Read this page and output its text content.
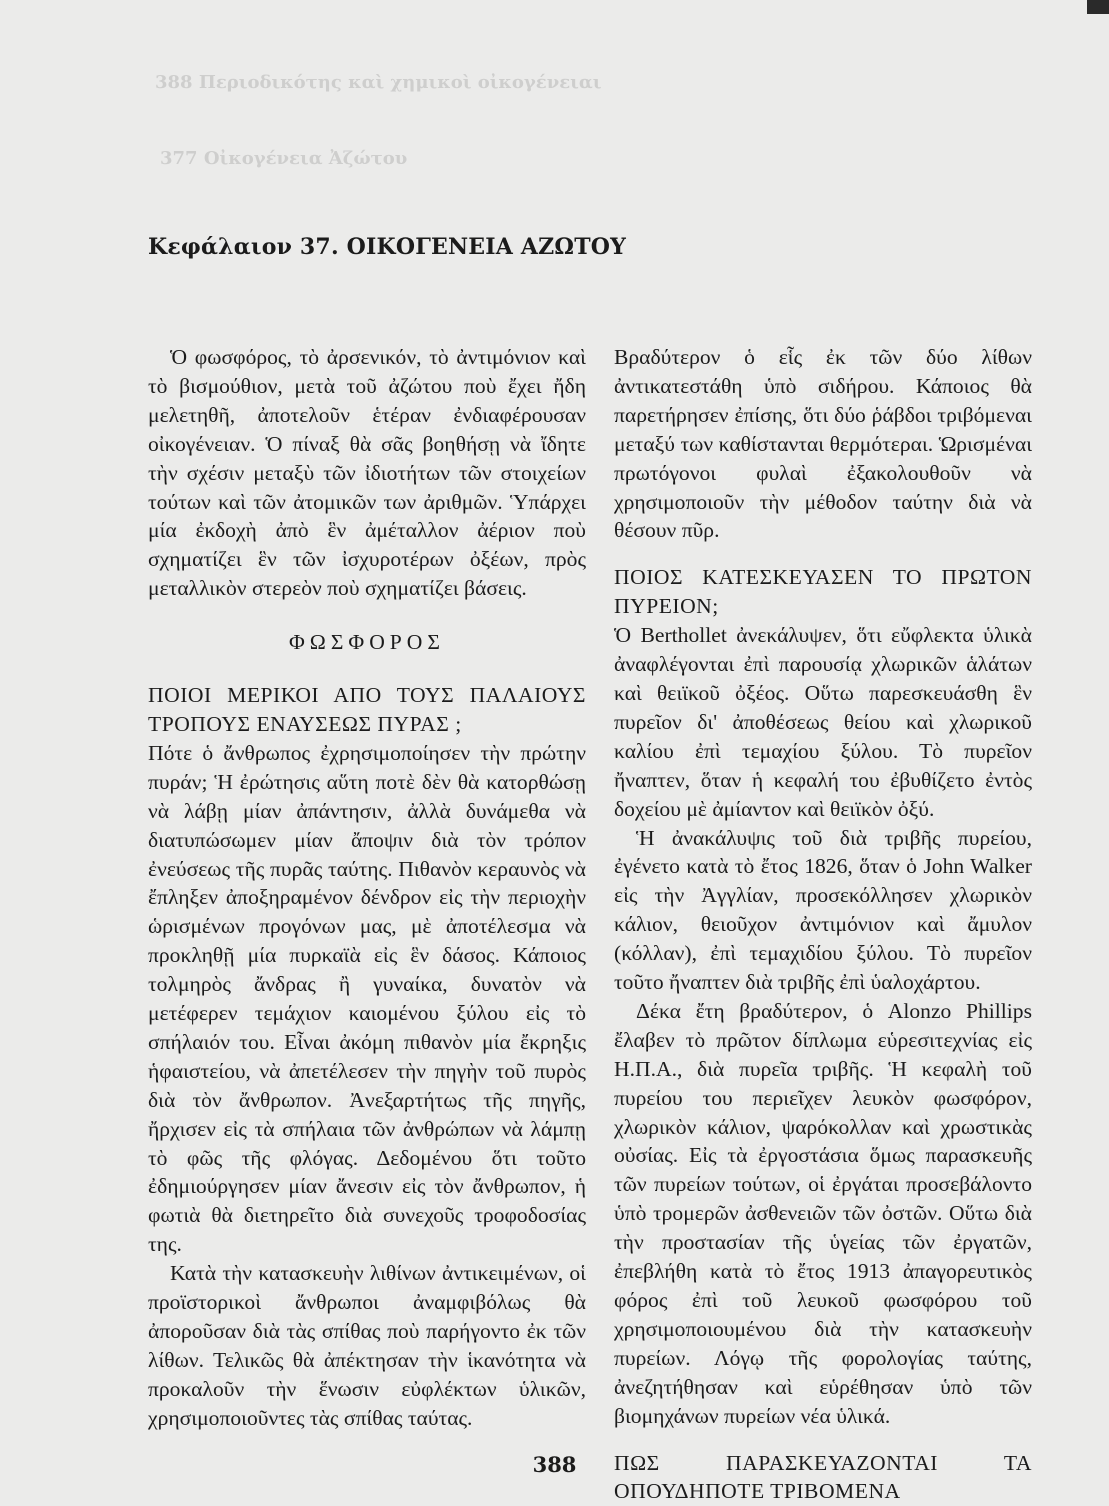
388 Περιοδικότης καὶ χημικοὶ οἰκογένειαι
377 Οἰκογένεια Ἀζώτου
Κεφάλαιον 37. ΟΙΚΟΓΕΝΕΙΑ ΑΖΩΤΟΥ

Ὁ φωσφόρος, τὸ ἀρσενικόν, τὸ ἀντιμόνιον καὶ τὸ βισμούθιον, μετὰ τοῦ ἀζώτου ποὺ ἔχει ἤδη μελετηθῆ, ἀποτελοῦν ἑτέραν ἐνδιαφέρουσαν οἰκογένειαν. Ὁ πίναξ θὰ σᾶς βοηθήσῃ νὰ ἴδητε τὴν σχέσιν μεταξὺ τῶν ἰδιοτήτων τῶν στοιχείων τούτων καὶ τῶν ἀτομικῶν των ἀριθμῶν. Ὑπάρχει μία ἐκδοχὴ ἀπὸ ἓν ἀμέταλλον ἀέριον ποὺ σχηματίζει ἓν τῶν ἰσχυροτέρων ὀξέων, πρὸς μεταλλικὸν στερεὸν ποὺ σχηματίζει βάσεις.

ΦΩΣΦΟΡΟΣ

ΠΟΙΟΙ ΜΕΡΙΚΟΙ ΑΠΟ ΤΟΥΣ ΠΑΛΑΙΟΥΣ ΤΡΟΠΟΥΣ ΕΝΑΥΣΕΩΣ ΠΥΡΑΣ ;

Πότε ὁ ἄνθρωπος ἐχρησιμοποίησεν τὴν πρώτην πυράν; Ἡ ἐρώτησις αὕτη ποτὲ δὲν θὰ κατορθώσῃ νὰ λάβῃ μίαν ἀπάντησιν, ἀλλὰ δυνάμεθα νὰ διατυπώσωμεν μίαν ἄποψιν διὰ τὸν τρόπον ἐνεύσεως τῆς πυρᾶς ταύτης. Πιθανὸν κεραυνὸς νὰ ἔπληξεν ἀποξηραμένον δένδρον εἰς τὴν περιοχὴν ὡρισμένων προγόνων μας, μὲ ἀποτέλεσμα νὰ προκληθῇ μία πυρκαϊὰ εἰς ἓν δάσος. Κάποιος τολμηρὸς ἄνδρας ἢ γυναίκα, δυνατὸν νὰ μετέφερεν τεμάχιον καιομένου ξύλου εἰς τὸ σπήλαιόν του. Εἶναι ἀκόμη πιθανὸν μία ἔκρηξις ἡφαιστείου, νὰ ἀπετέλεσεν τὴν πηγὴν τοῦ πυρὸς διὰ τὸν ἄνθρωπον. Ἀνεξαρτήτως τῆς πηγῆς, ἤρχισεν εἰς τὰ σπήλαια τῶν ἀνθρώπων νὰ λάμπῃ τὸ φῶς τῆς φλόγας. Δεδομένου ὅτι τοῦτο ἐδημιούργησεν μίαν ἄνεσιν εἰς τὸν ἄνθρωπον, ἡ φωτιὰ θὰ διετηρεῖτο διὰ συνεχοῦς τροφοδοσίας της.

Κατὰ τὴν κατασκευὴν λιθίνων ἀντικειμένων, οἱ προϊστορικοὶ ἄνθρωποι ἀναμφιβόλως θὰ ἀποροῦσαν διὰ τὰς σπίθας ποὺ παρήγοντο ἐκ τῶν λίθων. Τελικῶς θὰ ἀπέκτησαν τὴν ἱκανότητα νὰ προκαλοῦν τὴν ἕνωσιν εὐφλέκτων ὑλικῶν, χρησιμοποιοῦντες τὰς σπίθας ταύτας.

Βραδύτερον ὁ εἷς ἐκ τῶν δύο λίθων ἀντικατεστάθη ὑπὸ σιδήρου. Κάποιος θὰ παρετήρησεν ἐπίσης, ὅτι δύο ῥάβδοι τριβόμεναι μεταξύ των καθίστανται θερμότεραι. Ὡρισμέναι πρωτόγονοι φυλαὶ ἐξακολουθοῦν νὰ χρησιμοποιοῦν τὴν μέθοδον ταύτην διὰ νὰ θέσουν πῦρ.

ΠΟΙΟΣ ΚΑΤΕΣΚΕΥΑΣΕΝ ΤΟ ΠΡΩΤΟΝ ΠΥΡΕΙΟΝ;

Ὁ Berthollet ἀνεκάλυψεν, ὅτι εὔφλεκτα ὑλικὰ ἀναφλέγονται ἐπὶ παρουσίᾳ χλωρικῶν ἁλάτων καὶ θειϊκοῦ ὀξέος. Οὕτω παρεσκευάσθη ἓν πυρεῖον δι' ἀποθέσεως θείου καὶ χλωρικοῦ καλίου ἐπὶ τεμαχίου ξύλου. Τὸ πυρεῖον ἤναπτεν, ὅταν ἡ κεφαλή του ἐβυθίζετο ἐντὸς δοχείου μὲ ἀμίαντον καὶ θειϊκὸν ὀξύ.

Ἡ ἀνακάλυψις τοῦ διὰ τριβῆς πυρείου, ἐγένετο κατὰ τὸ ἔτος 1826, ὅταν ὁ John Walker εἰς τὴν Ἀγγλίαν, προσεκόλλησεν χλωρικὸν κάλιον, θειοῦχον ἀντιμόνιον καὶ ἄμυλον (κόλλαν), ἐπὶ τεμαχιδίου ξύλου. Τὸ πυρεῖον τοῦτο ἤναπτεν διὰ τριβῆς ἐπὶ ὑαλοχάρτου.

Δέκα ἔτη βραδύτερον, ὁ Alonzo Phillips ἔλαβεν τὸ πρῶτον δίπλωμα εὑρεσιτεχνίας εἰς Η.Π.Α., διὰ πυρεῖα τριβῆς. Ἡ κεφαλὴ τοῦ πυρείου του περιεῖχεν λευκὸν φωσφόρον, χλωρικὸν κάλιον, ψαρόκολλαν καὶ χρωστικὰς οὐσίας. Εἰς τὰ ἐργοστάσια ὅμως παρασκευῆς τῶν πυρείων τούτων, οἱ ἐργάται προσεβάλοντο ὑπὸ τρομερῶν ἀσθενειῶν τῶν ὀστῶν. Οὕτω διὰ τὴν προστασίαν τῆς ὑγείας τῶν ἐργατῶν, ἐπεβλήθη κατὰ τὸ ἔτος 1913 ἀπαγορευτικὸς φόρος ἐπὶ τοῦ λευκοῦ φωσφόρου τοῦ χρησιμοποιουμένου διὰ τὴν κατασκευὴν πυρείων. Λόγῳ τῆς φορολογίας ταύτης, ἀνεζητήθησαν καὶ εὑρέθησαν ὑπὸ τῶν βιομηχάνων πυρείων νέα ὑλικά.

ΠΩΣ ΠΑΡΑΣΚΕΥΑΖΟΝΤΑΙ ΤΑ ΟΠΟΥΔΗΠΟΤΕ ΤΡΙΒΟΜΕΝΑ

388
